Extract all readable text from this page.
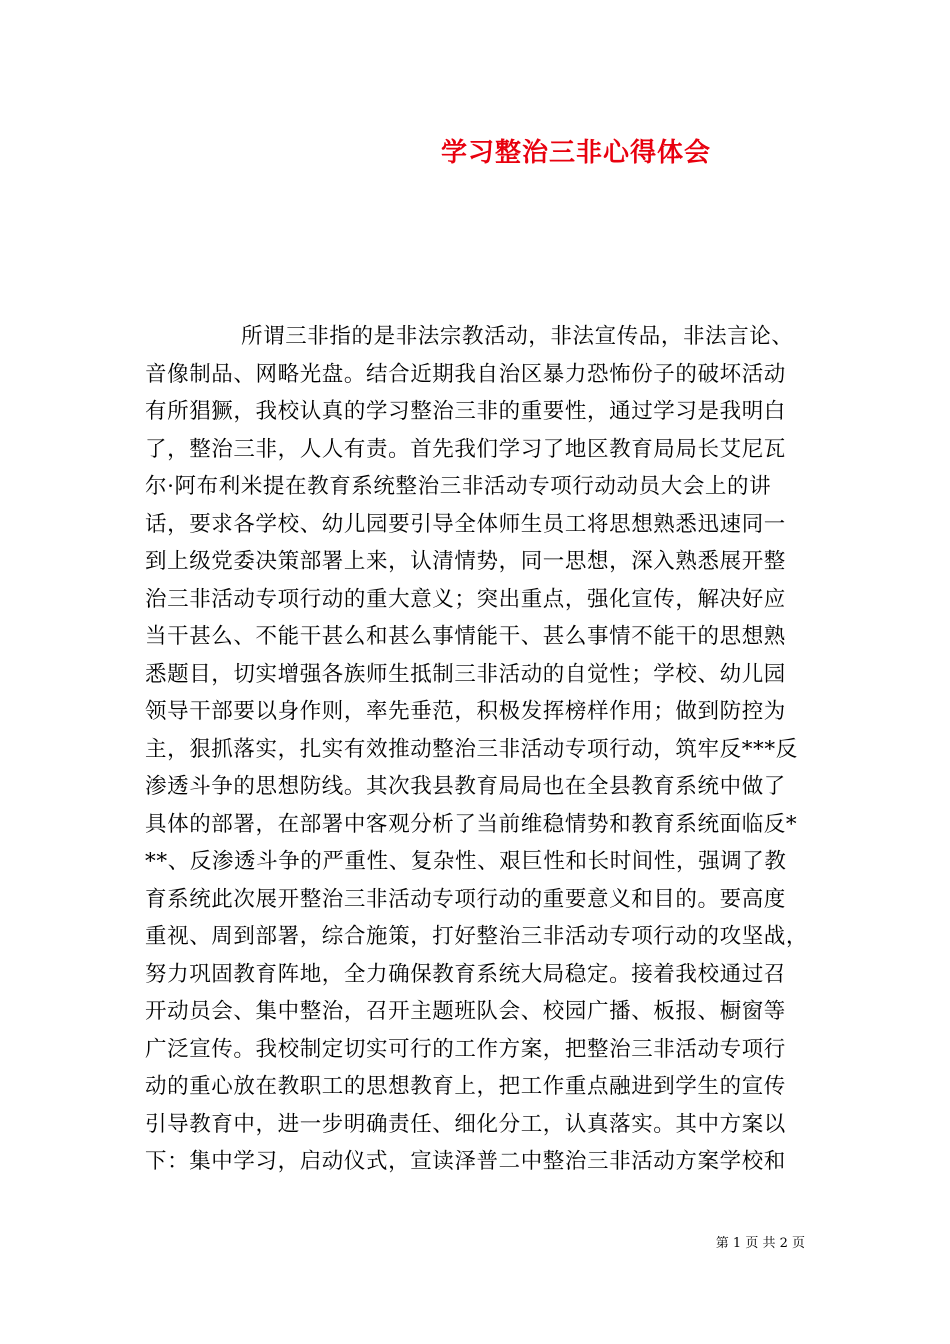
学习整治三非心得体会
所谓三非指的是非法宗教活动，非法宣传品，非法言论、
音像制品、网略光盘。结合近期我自治区暴力恐怖份子的破坏活动
有所猖獗，我校认真的学习整治三非的重要性，通过学习是我明白
了，整治三非，人人有责。首先我们学习了地区教育局局长艾尼瓦
尔·阿布利米提在教育系统整治三非活动专项行动动员大会上的讲
话，要求各学校、幼儿园要引导全体师生员工将思想熟悉迅速同一
到上级党委决策部署上来，认清情势，同一思想，深入熟悉展开整
治三非活动专项行动的重大意义；突出重点，强化宣传，解决好应
当干甚么、不能干甚么和甚么事情能干、甚么事情不能干的思想熟
悉题目，切实增强各族师生抵制三非活动的自觉性；学校、幼儿园
领导干部要以身作则，率先垂范，积极发挥榜样作用；做到防控为
主，狠抓落实，扎实有效推动整治三非活动专项行动，筑牢反***反
渗透斗争的思想防线。其次我县教育局局也在全县教育系统中做了
具体的部署，在部署中客观分析了当前维稳情势和教育系统面临反*
**、反渗透斗争的严重性、复杂性、艰巨性和长时间性，强调了教
育系统此次展开整治三非活动专项行动的重要意义和目的。要高度
重视、周到部署，综合施策，打好整治三非活动专项行动的攻坚战，
努力巩固教育阵地，全力确保教育系统大局稳定。接着我校通过召
开动员会、集中整治，召开主题班队会、校园广播、板报、橱窗等
广泛宣传。我校制定切实可行的工作方案，把整治三非活动专项行
动的重心放在教职工的思想教育上，把工作重点融进到学生的宣传
引导教育中，进一步明确责任、细化分工，认真落实。其中方案以
下：集中学习，启动仪式，宣读泽普二中整治三非活动方案学校和
第 1 页 共 2 页
